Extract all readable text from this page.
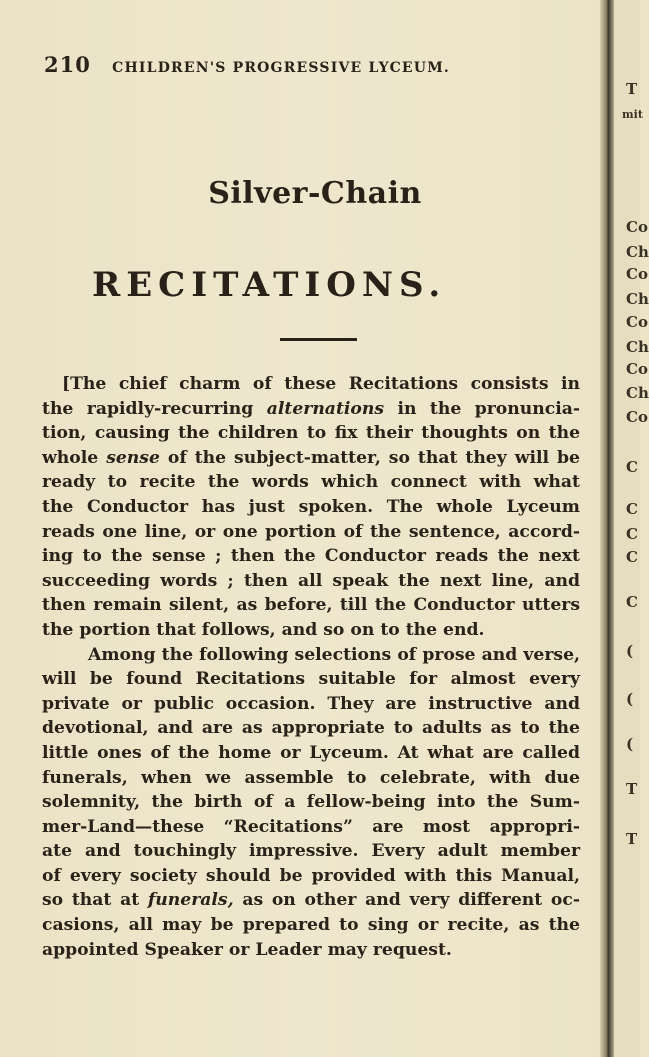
210 CHILDREN'S PROGRESSIVE LYCEUM.
Silver-Chain
RECITATIONS.
[The chief charm of these Recitations consists in
the rapidly-recurring alternations in the pronuncia-
tion, causing the children to fix their thoughts on the
whole sense of the subject-matter, so that they will be
ready to recite the words which connect with what
the Conductor has just spoken. The whole Lyceum
reads one line, or one portion of the sentence, accord-
ing to the sense ; then the Conductor reads the next
succeeding words ; then all speak the next line, and
then remain silent, as before, till the Conductor utters
the portion that follows, and so on to the end.
Among the following selections of prose and verse,
will be found Recitations suitable for almost every
private or public occasion. They are instructive and
devotional, and are as appropriate to adults as to the
little ones of the home or Lyceum. At what are called
funerals, when we assemble to celebrate, with due
solemnity, the birth of a fellow-being into the Sum-
mer-Land—these “Recitations” are most appropri-
ate and touchingly impressive. Every adult member
of every society should be provided with this Manual,
so that at funerals, as on other and very different oc-
casions, all may be prepared to sing or recite, as the
appointed Speaker or Leader may request.
T
mit
Co
Ch
Co
Ch
Co
Ch
Co
Ch
Co
C
C
C
C
C
(
(
(
T
T
